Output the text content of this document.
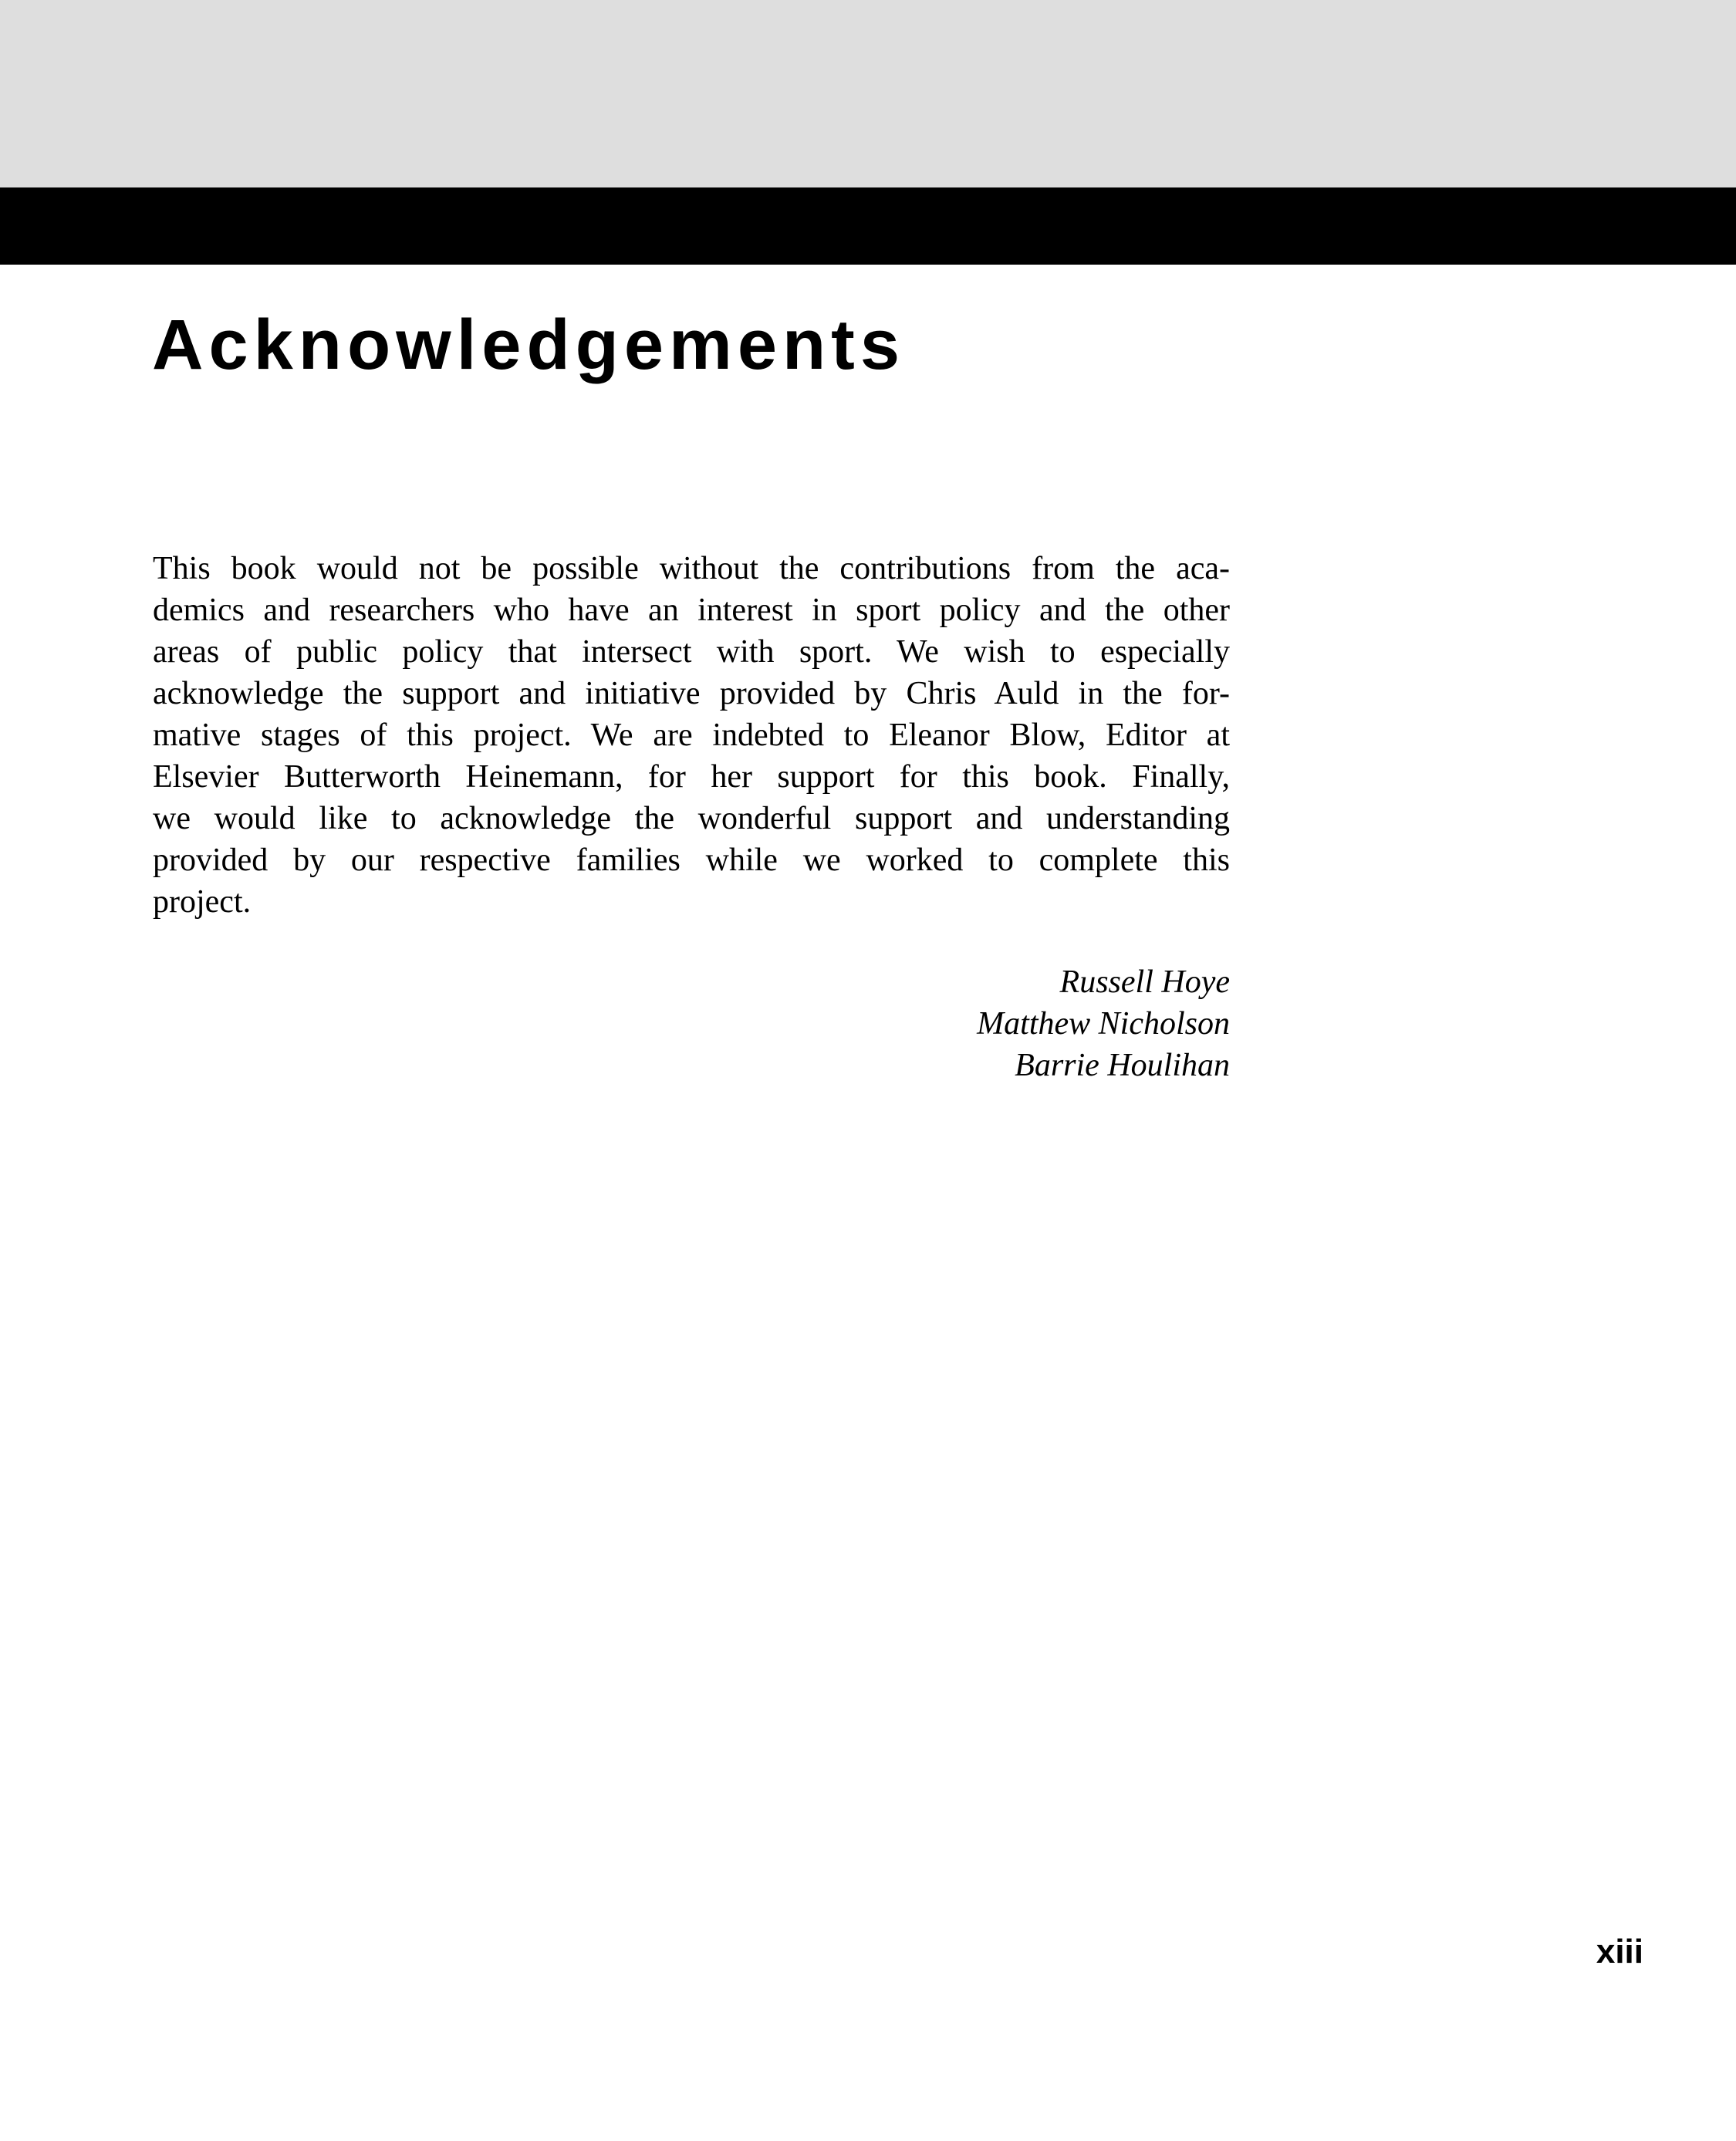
Acknowledgements
This book would not be possible without the contributions from the aca-
demics and researchers who have an interest in sport policy and the other
areas of public policy that intersect with sport. We wish to especially
acknowledge the support and initiative provided by Chris Auld in the for-
mative stages of this project. We are indebted to Eleanor Blow, Editor at
Elsevier Butterworth Heinemann, for her support for this book. Finally,
we would like to acknowledge the wonderful support and understanding
provided by our respective families while we worked to complete this
project.
Russell Hoye
Matthew Nicholson
Barrie Houlihan
xiii
